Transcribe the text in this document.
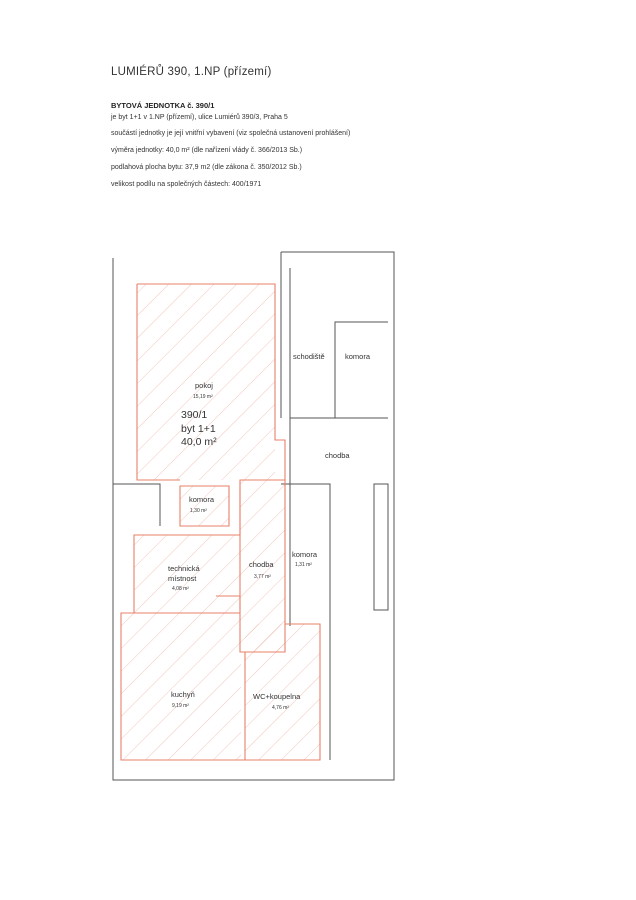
LUMIÉRŮ 390, 1.NP (přízemí)
BYTOVÁ JEDNOTKA č. 390/1
je byt 1+1 v 1.NP (přízemí), ulice Lumiérů 390/3, Praha 5
součástí jednotky je její vnitřní vybavení (viz společná ustanovení prohlášení)
výměra jednotky: 40,0 m² (dle nařízení vlády č. 366/2013 Sb.)
podlahová plocha bytu: 37,9 m2 (dle zákona č. 350/2012 Sb.)
velikost podílu na společných částech: 400/1971
390/1
byt 1+1
40,0 m²
pokoj
15,19 m²
komora
1,30 m²
technická
místnost
4,08 m²
chodba
3,77 m²
kuchyň
9,19 m²
WC+koupelna
4,76 m²
schodiště	komora
chodba
komora
1,31 m²
